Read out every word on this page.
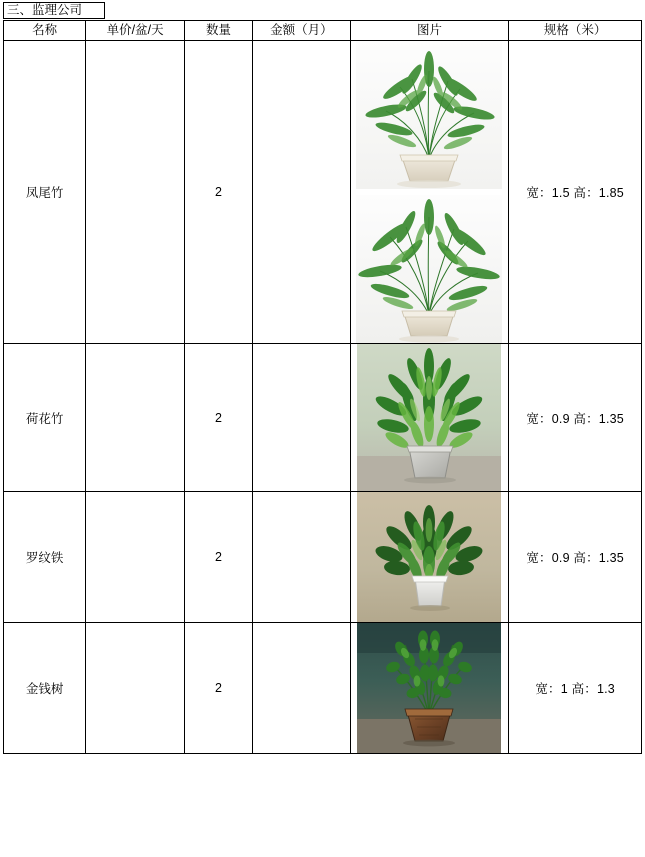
三、监理公司
名称	单价/盆/天	数量	金额（月）	图片	规格（米）
凤尾竹		2			宽：1.5 高：1.85
荷花竹		2			宽：0.9 高：1.35
罗纹铁		2			宽：0.9 高：1.35
金钱树		2			宽：1 高：1.3
